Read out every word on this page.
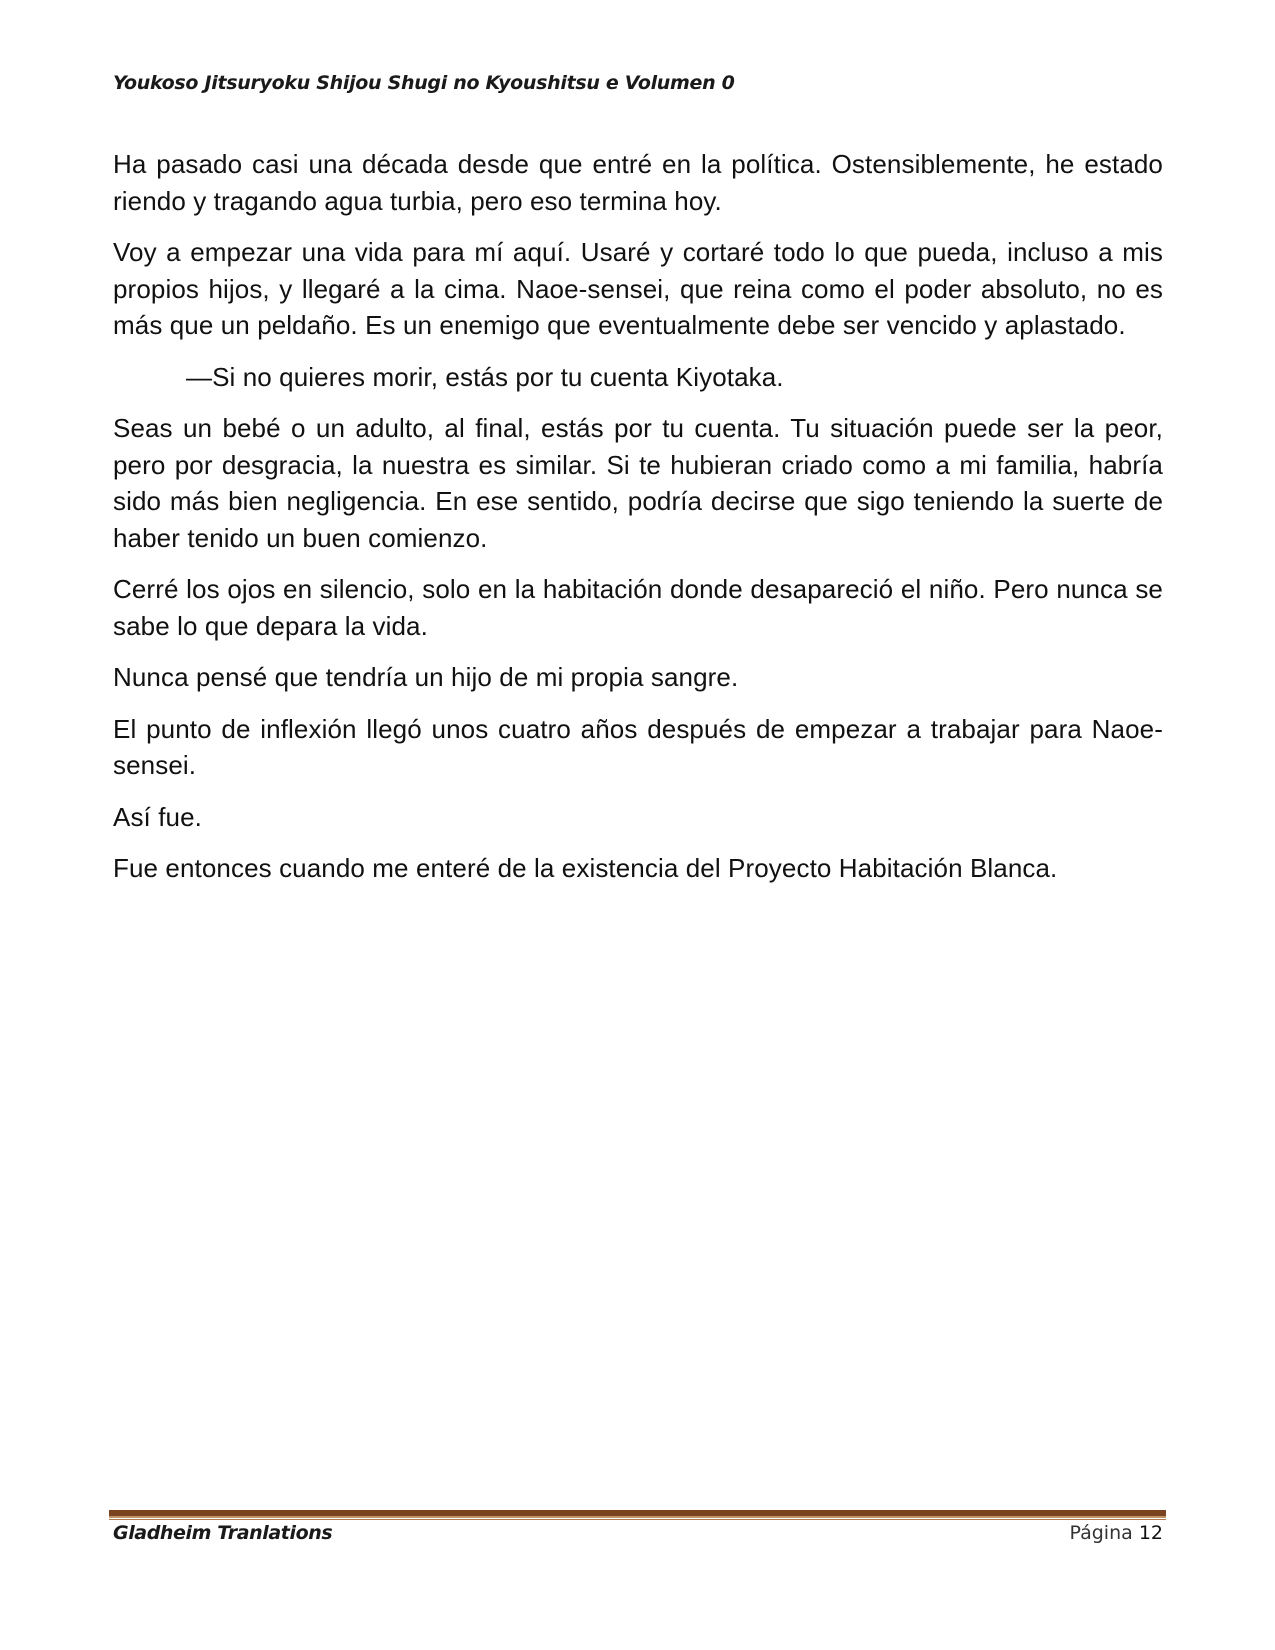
Youkoso Jitsuryoku Shijou Shugi no Kyoushitsu e Volumen 0

Ha pasado casi una década desde que entré en la política. Ostensiblemente, he estado riendo y tragando agua turbia, pero eso termina hoy.

Voy a empezar una vida para mí aquí. Usaré y cortaré todo lo que pueda, incluso a mis propios hijos, y llegaré a la cima. Naoe-sensei, que reina como el poder absoluto, no es más que un peldaño. Es un enemigo que eventualmente debe ser vencido y aplastado.

—Si no quieres morir, estás por tu cuenta Kiyotaka.

Seas un bebé o un adulto, al final, estás por tu cuenta. Tu situación puede ser la peor, pero por desgracia, la nuestra es similar. Si te hubieran criado como a mi familia, habría sido más bien negligencia. En ese sentido, podría decirse que sigo teniendo la suerte de haber tenido un buen comienzo.

Cerré los ojos en silencio, solo en la habitación donde desapareció el niño. Pero nunca se sabe lo que depara la vida.

Nunca pensé que tendría un hijo de mi propia sangre.

El punto de inflexión llegó unos cuatro años después de empezar a trabajar para Naoe-sensei.

Así fue.

Fue entonces cuando me enteré de la existencia del Proyecto Habitación Blanca.

Gladheim Tranlations	Página 12
